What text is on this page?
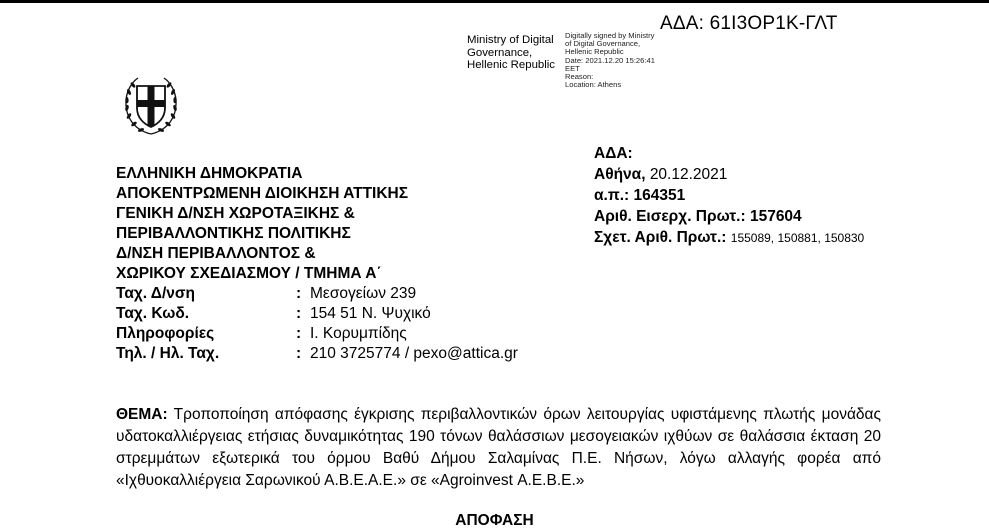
ΑΔΑ: 61Ι3ΟΡ1Κ-ΓΛΤ
Ministry of Digital
Governance,
Hellenic Republic
Digitally signed by Ministry
of Digital Governance,
Hellenic Republic
Date: 2021.12.20 15:26:41
EET
Reason:
Location: Athens
ΕΛΛΗΝΙΚΗ ΔΗΜΟΚΡΑΤΙΑ
ΑΠΟΚΕΝΤΡΩΜΕΝΗ ΔΙΟΙΚΗΣΗ ΑΤΤΙΚΗΣ
ΓΕΝΙΚΗ Δ/ΝΣΗ ΧΩΡΟΤΑΞΙΚΗΣ &
ΠΕΡΙΒΑΛΛΟΝΤΙΚΗΣ ΠΟΛΙΤΙΚΗΣ
Δ/ΝΣΗ ΠΕΡΙΒΑΛΛΟΝΤΟΣ &
ΧΩΡΙΚΟΥ ΣΧΕΔΙΑΣΜΟΥ / ΤΜΗΜΑ Α΄
ΑΔΑ:
Αθήνα, 20.12.2021
α.π.: 164351
Αριθ. Εισερχ. Πρωτ.: 157604
Σχετ. Αριθ. Πρωτ.: 155089, 150881, 150830
Ταχ. Δ/νση	: Μεσογείων 239
Ταχ. Κωδ.	: 154 51 Ν. Ψυχικό
Πληροφορίες	: Ι. Κορυμπίδης
Τηλ. / Ηλ. Ταχ.	: 210 3725774 / pexo@attica.gr
ΘΕΜΑ: Τροποποίηση απόφασης έγκρισης περιβαλλοντικών όρων λειτουργίας υφιστάμενης πλωτής μονάδας υδατοκαλλιέργειας ετήσιας δυναμικότητας 190 τόνων θαλάσσιων μεσογειακών ιχθύων σε θαλάσσια έκταση 20 στρεμμάτων εξωτερικά του όρμου Βαθύ Δήμου Σαλαμίνας Π.Ε. Νήσων, λόγω αλλαγής φορέα από «Ιχθυοκαλλιέργεια Σαρωνικού Α.Β.Ε.Α.Ε.» σε «Agroinvest Α.Ε.Β.Ε.»
ΑΠΟΦΑΣΗ
